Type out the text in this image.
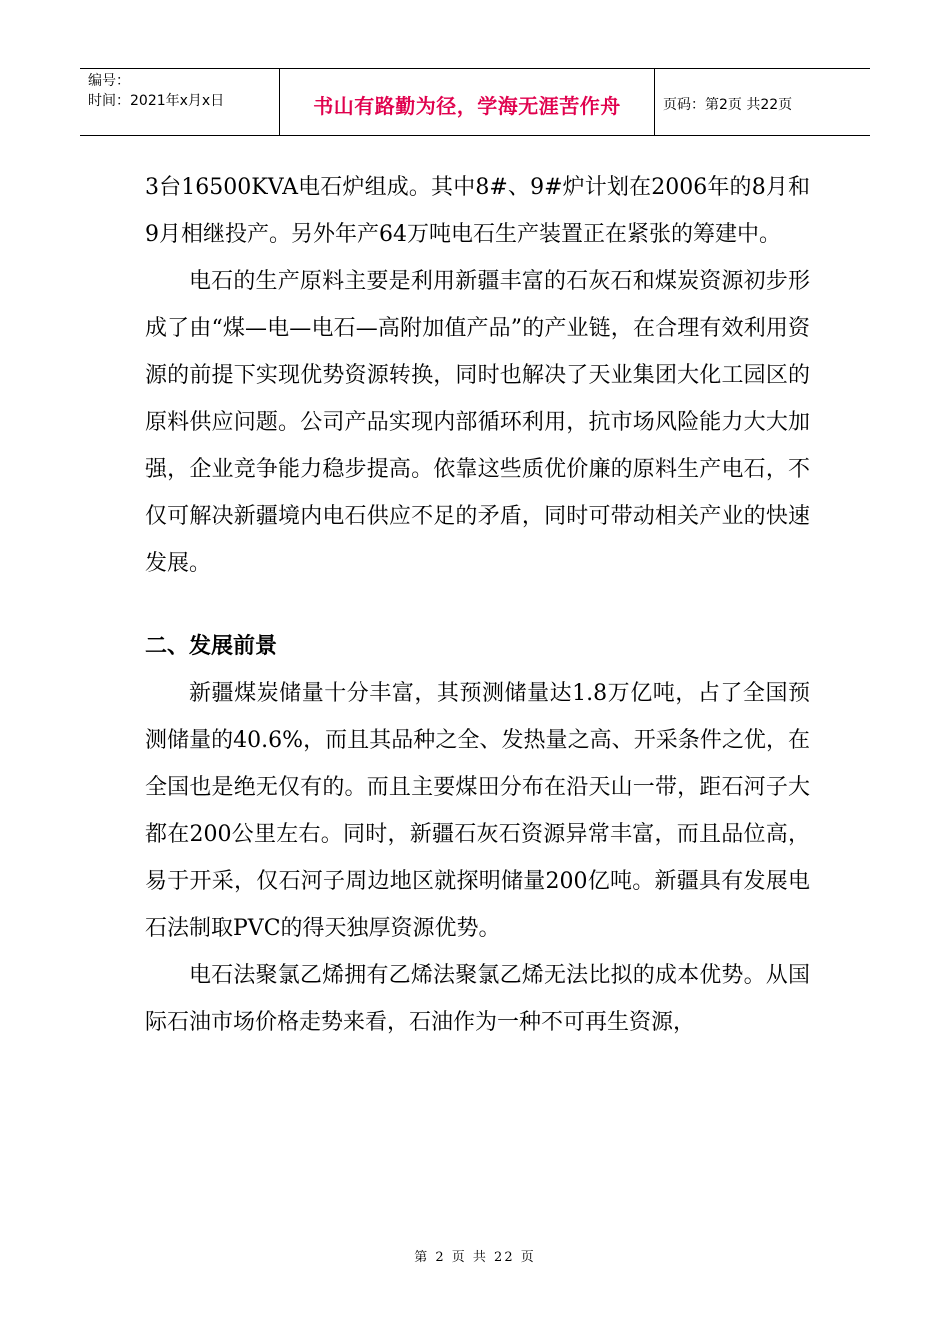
编号：
时间：2021年x月x日	书山有路勤为径，学海无涯苦作舟	页码：第2页 共22页

3台16500KVA电石炉组成。其中8#、9#炉计划在2006年的8月和9月相继投产。另外年产64万吨电石生产装置正在紧张的筹建中。

电石的生产原料主要是利用新疆丰富的石灰石和煤炭资源初步形成了由“煤—电—电石—高附加值产品”的产业链，在合理有效利用资源的前提下实现优势资源转换，同时也解决了天业集团大化工园区的原料供应问题。公司产品实现内部循环利用，抗市场风险能力大大加强，企业竞争能力稳步提高。依靠这些质优价廉的原料生产电石，不仅可解决新疆境内电石供应不足的矛盾，同时可带动相关产业的快速发展。

二、发展前景

新疆煤炭储量十分丰富，其预测储量达1.8万亿吨，占了全国预测储量的40.6%，而且其品种之全、发热量之高、开采条件之优，在全国也是绝无仅有的。而且主要煤田分布在沿天山一带，距石河子大都在200公里左右。同时，新疆石灰石资源异常丰富，而且品位高，易于开采，仅石河子周边地区就探明储量200亿吨。新疆具有发展电石法制取PVC的得天独厚资源优势。

电石法聚氯乙烯拥有乙烯法聚氯乙烯无法比拟的成本优势。从国际石油市场价格走势来看，石油作为一种不可再生资源，

第 2 页 共 22 页
